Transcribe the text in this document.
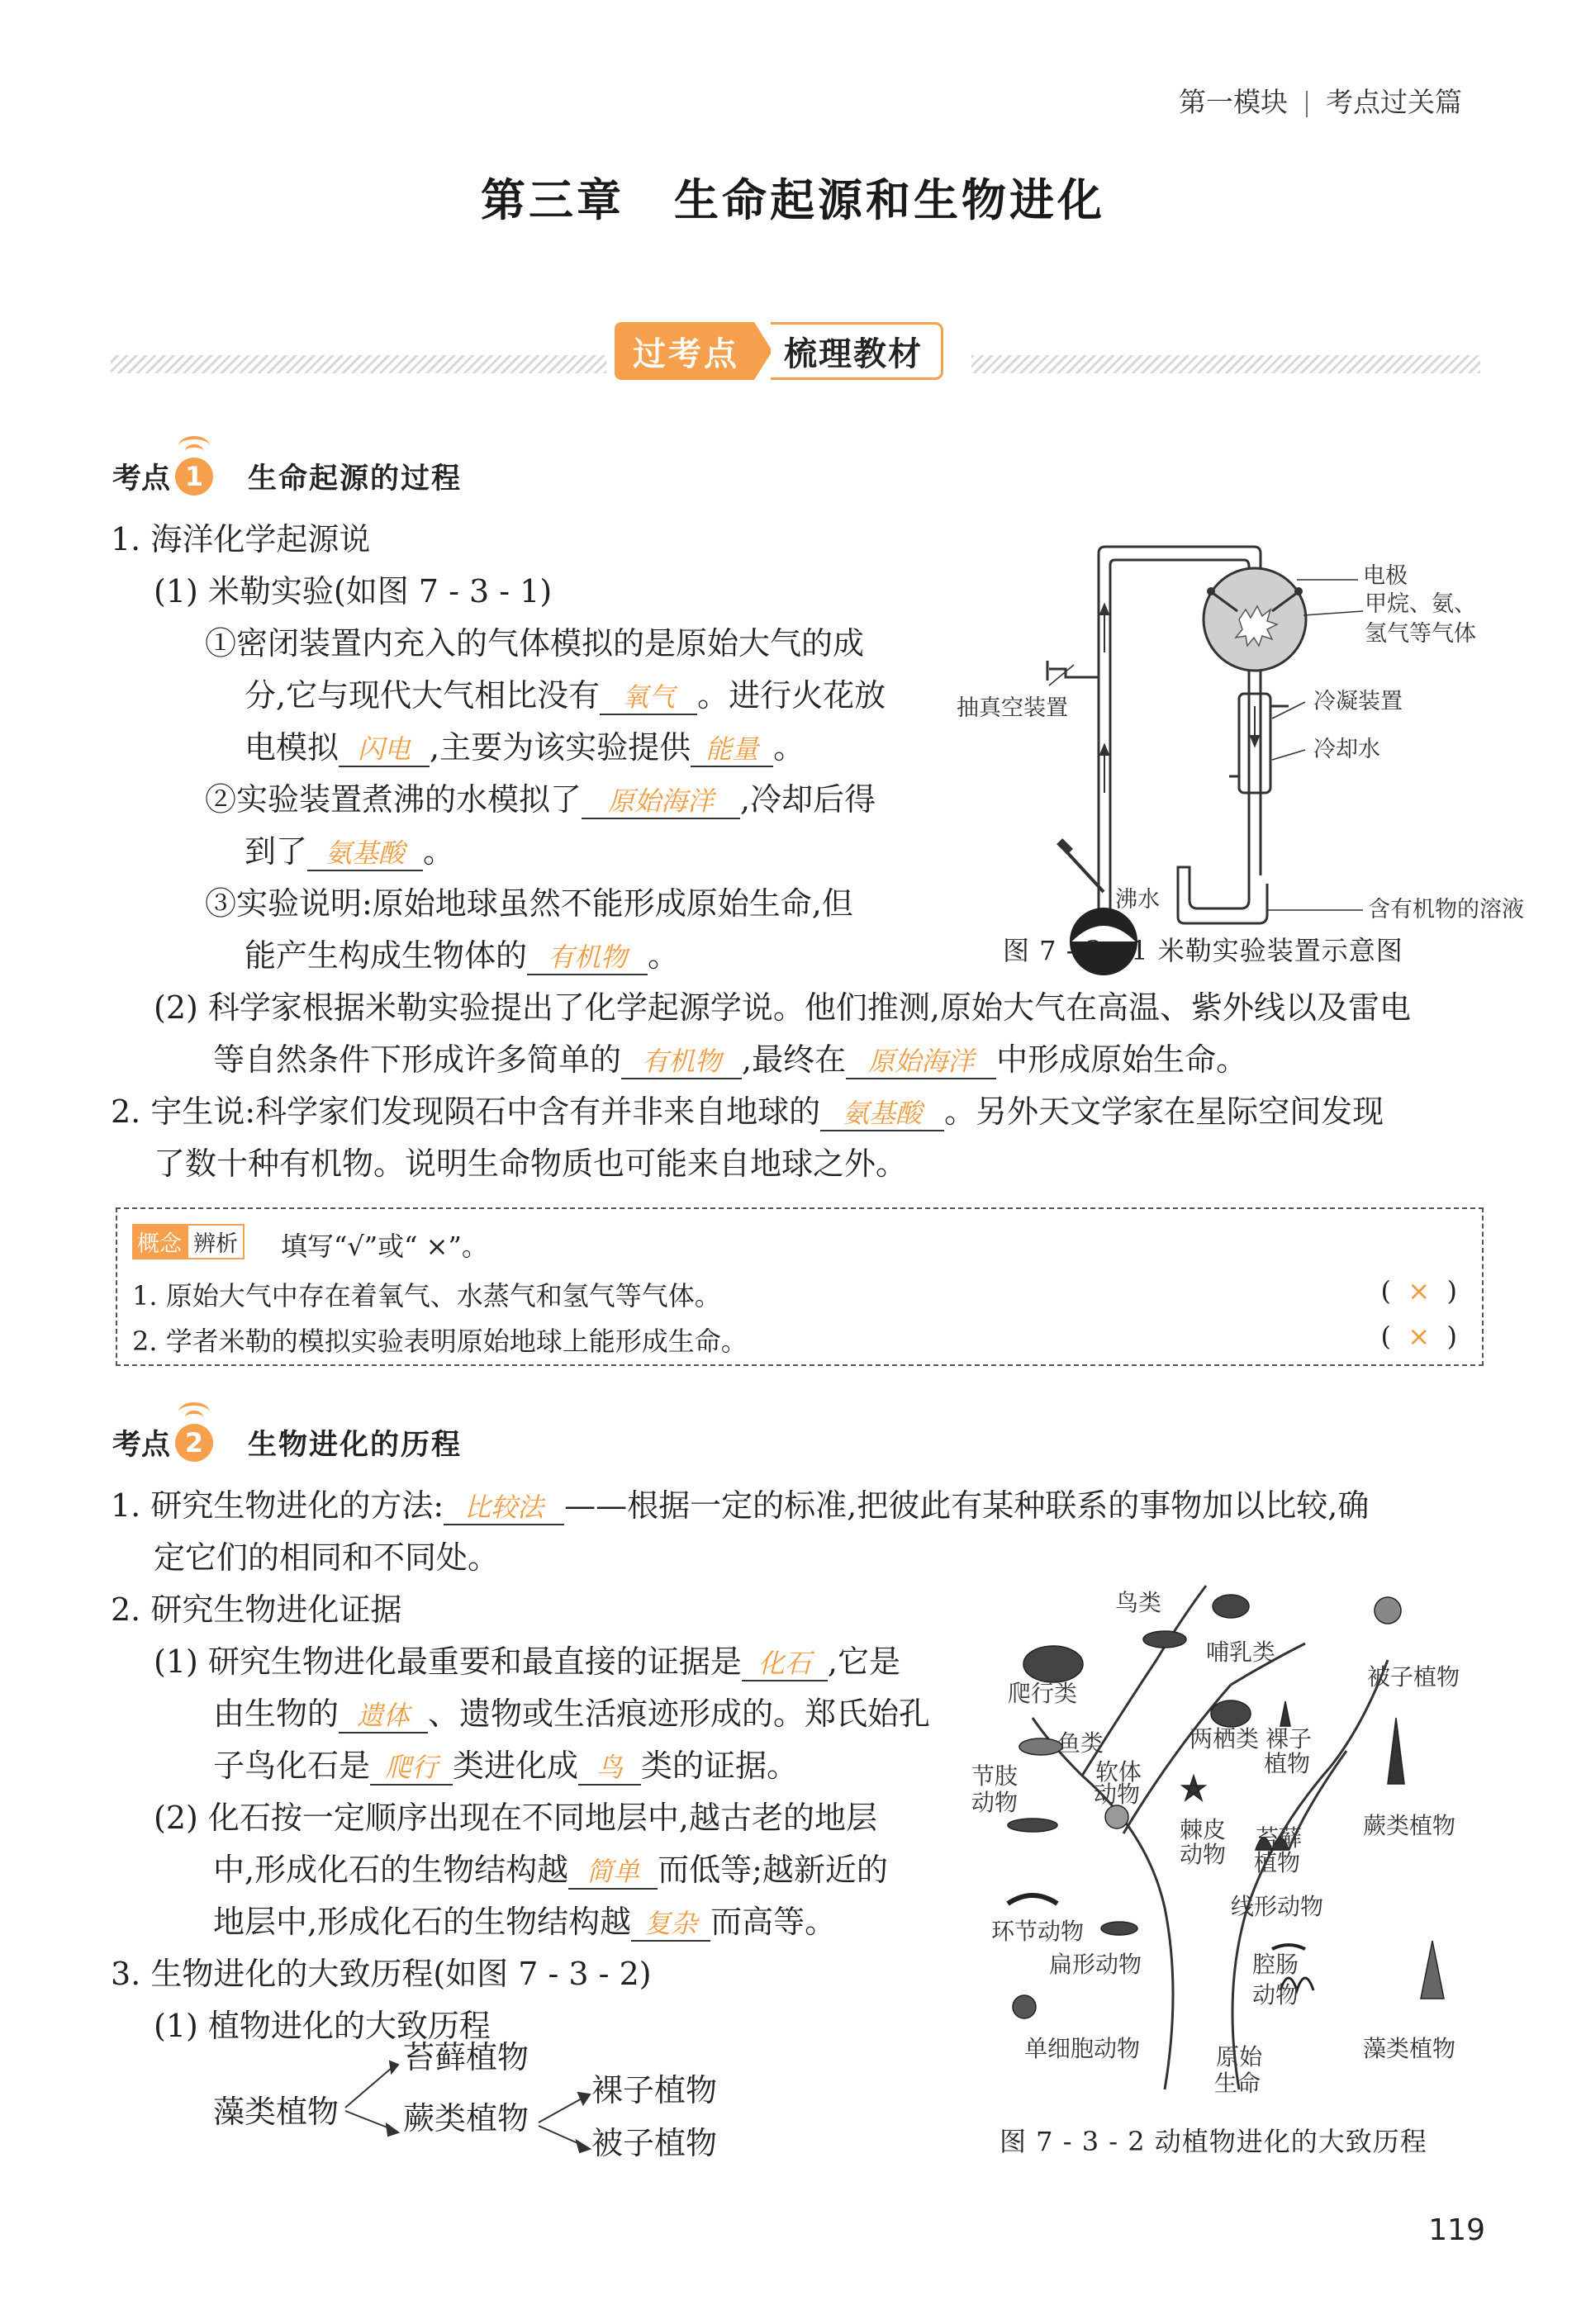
第一模块 考点过关篇
第三章 生命起源和生物进化
过考点	梳理教材
考点 1	生命起源的过程
1. 海洋化学起源说
(1) 米勒实验(如图 7 - 3 - 1)
①密闭装置内充入的气体模拟的是原始大气的成
分,它与现代大气相比没有 氧气 。进行火花放
电模拟 闪电 ,主要为该实验提供 能量 。
②实验装置煮沸的水模拟了 原始海洋 ,冷却后得
到了 氨基酸 。
③实验说明:原始地球虽然不能形成原始生命,但
能产生构成生物体的 有机物 。
(2) 科学家根据米勒实验提出了化学起源学说。他们推测,原始大气在高温、紫外线以及雷电
等自然条件下形成许多简单的 有机物 ,最终在 原始海洋 中形成原始生命。
2. 宇生说:科学家们发现陨石中含有并非来自地球的 氨基酸 。另外天文学家在星际空间发现
了数十种有机物。说明生命物质也可能来自地球之外。
电极
甲烷、氨、
氢气等气体
抽真空装置	冷凝装置
冷却水
沸水	含有机物的溶液
图 7 - 3 - 1 米勒实验装置示意图
概念 辨析 填写“√”或“ ×”。
1. 原始大气中存在着氧气、水蒸气和氢气等气体。	( × )
2. 学者米勒的模拟实验表明原始地球上能形成生命。	( × )
考点 2	生物进化的历程
1. 研究生物进化的方法: 比较法 ——根据一定的标准,把彼此有某种联系的事物加以比较,确
定它们的相同和不同处。
2. 研究生物进化证据
(1) 研究生物进化最重要和最直接的证据是 化石 ,它是
由生物的 遗体 、遗物或生活痕迹形成的。郑氏始孔
子鸟化石是 爬行 类进化成 鸟 类的证据。
(2) 化石按一定顺序出现在不同地层中,越古老的地层
中,形成化石的生物结构越 简单 而低等;越新近的
地层中,形成化石的生物结构越 复杂 而高等。
3. 生物进化的大致历程(如图 7 - 3 - 2)
(1) 植物进化的大致历程
藻类植物
苔藓植物
蕨类植物
裸子植物
被子植物
鸟类
哺乳类
爬行类
被子植物
鱼类	两栖类 裸子
植物
节肢
动物
软体
动物
棘皮
动物
苔藓
植物
蕨类植物
环节动物
线形动物
扁形动物	腔肠
动物
单细胞动物	原始
生命
藻类植物
图 7 - 3 - 2 动植物进化的大致历程
119
